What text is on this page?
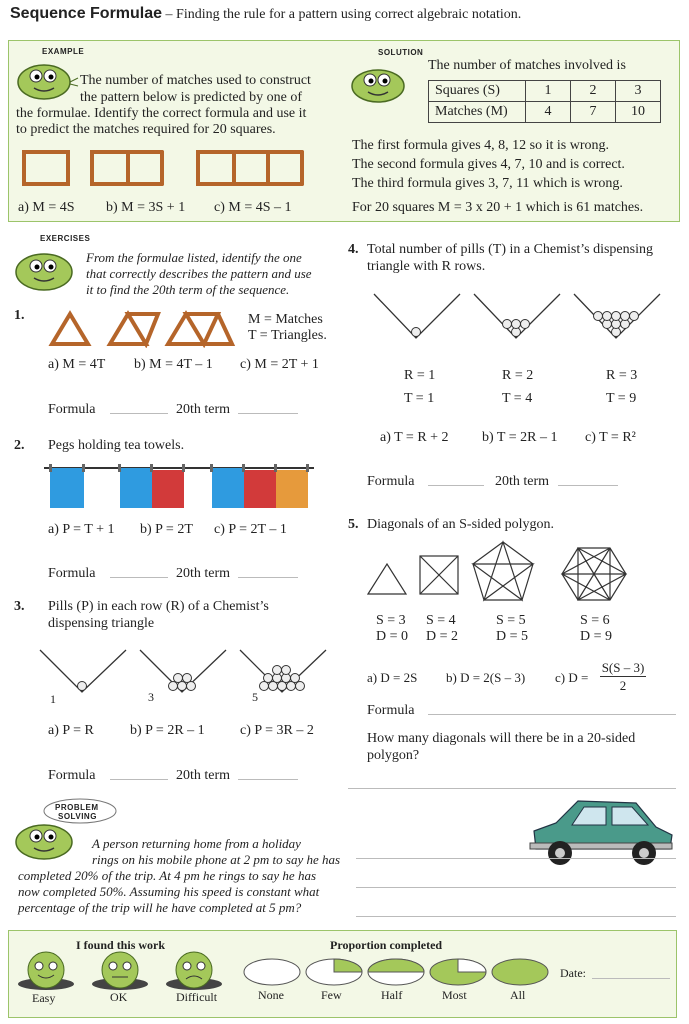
Sequence Formulae – Finding the rule for a pattern using correct algebraic notation.
EXAMPLE
The number of matches used to construct
the pattern below is predicted by one of
the formulae. Identify the correct formula and use it
to predict the matches required for 20 squares.
a) M = 4S b) M = 3S + 1 c) M = 4S – 1
SOLUTION
The number of matches involved is
Squares (S)	1	2	3
Matches (M)	4	7	10
The first formula gives 4, 8, 12 so it is wrong.
The second formula gives 4, 7, 10 and is correct.
The third formula gives 3, 7, 11 which is wrong.
For 20 squares M = 3 x 20 + 1 which is 61 matches.
EXERCISES
From the formulae listed, identify the one
that correctly describes the pattern and use
it to find the 20th term of the sequence.
1.	M = Matches
T = Triangles.
a) M = 4T b) M = 4T – 1 c) M = 2T + 1
Formula	20th term
2. Pegs holding tea towels.
a) P = T + 1 b) P = 2T c) P = 2T – 1
Formula	20th term
3. Pills (P) in each row (R) of a Chemist’s
dispensing triangle
1	3	5
a) P = R	b) P = 2R – 1	c) P = 3R – 2
Formula	20th term
4. Total number of pills (T) in a Chemist’s dispensing
triangle with R rows.
R = 1	R = 2	R = 3
T = 1	T = 4	T = 9
a) T = R + 2 b) T = 2R – 1 c) T = R²
Formula	20th term
5. Diagonals of an S-sided polygon.
S = 3 S = 4	S = 5	S = 6
D = 0 D = 2	D = 5	D = 9
a) D = 2S b) D = 2(S – 3) c) D =
S(S – 3)
2
Formula
How many diagonals will there be in a 20-sided
polygon?
PROBLEM
SOLVING
A person returning home from a holiday
rings on his mobile phone at 2 pm to say he has
completed 20% of the trip. At 4 pm he rings to say he has
now completed 50%. Assuming his speed is constant what
percentage of the trip will he have completed at 5 pm?
I found this work
Easy	OK	Difficult
Proportion completed
None	Few	Half	Most	All
Date:
